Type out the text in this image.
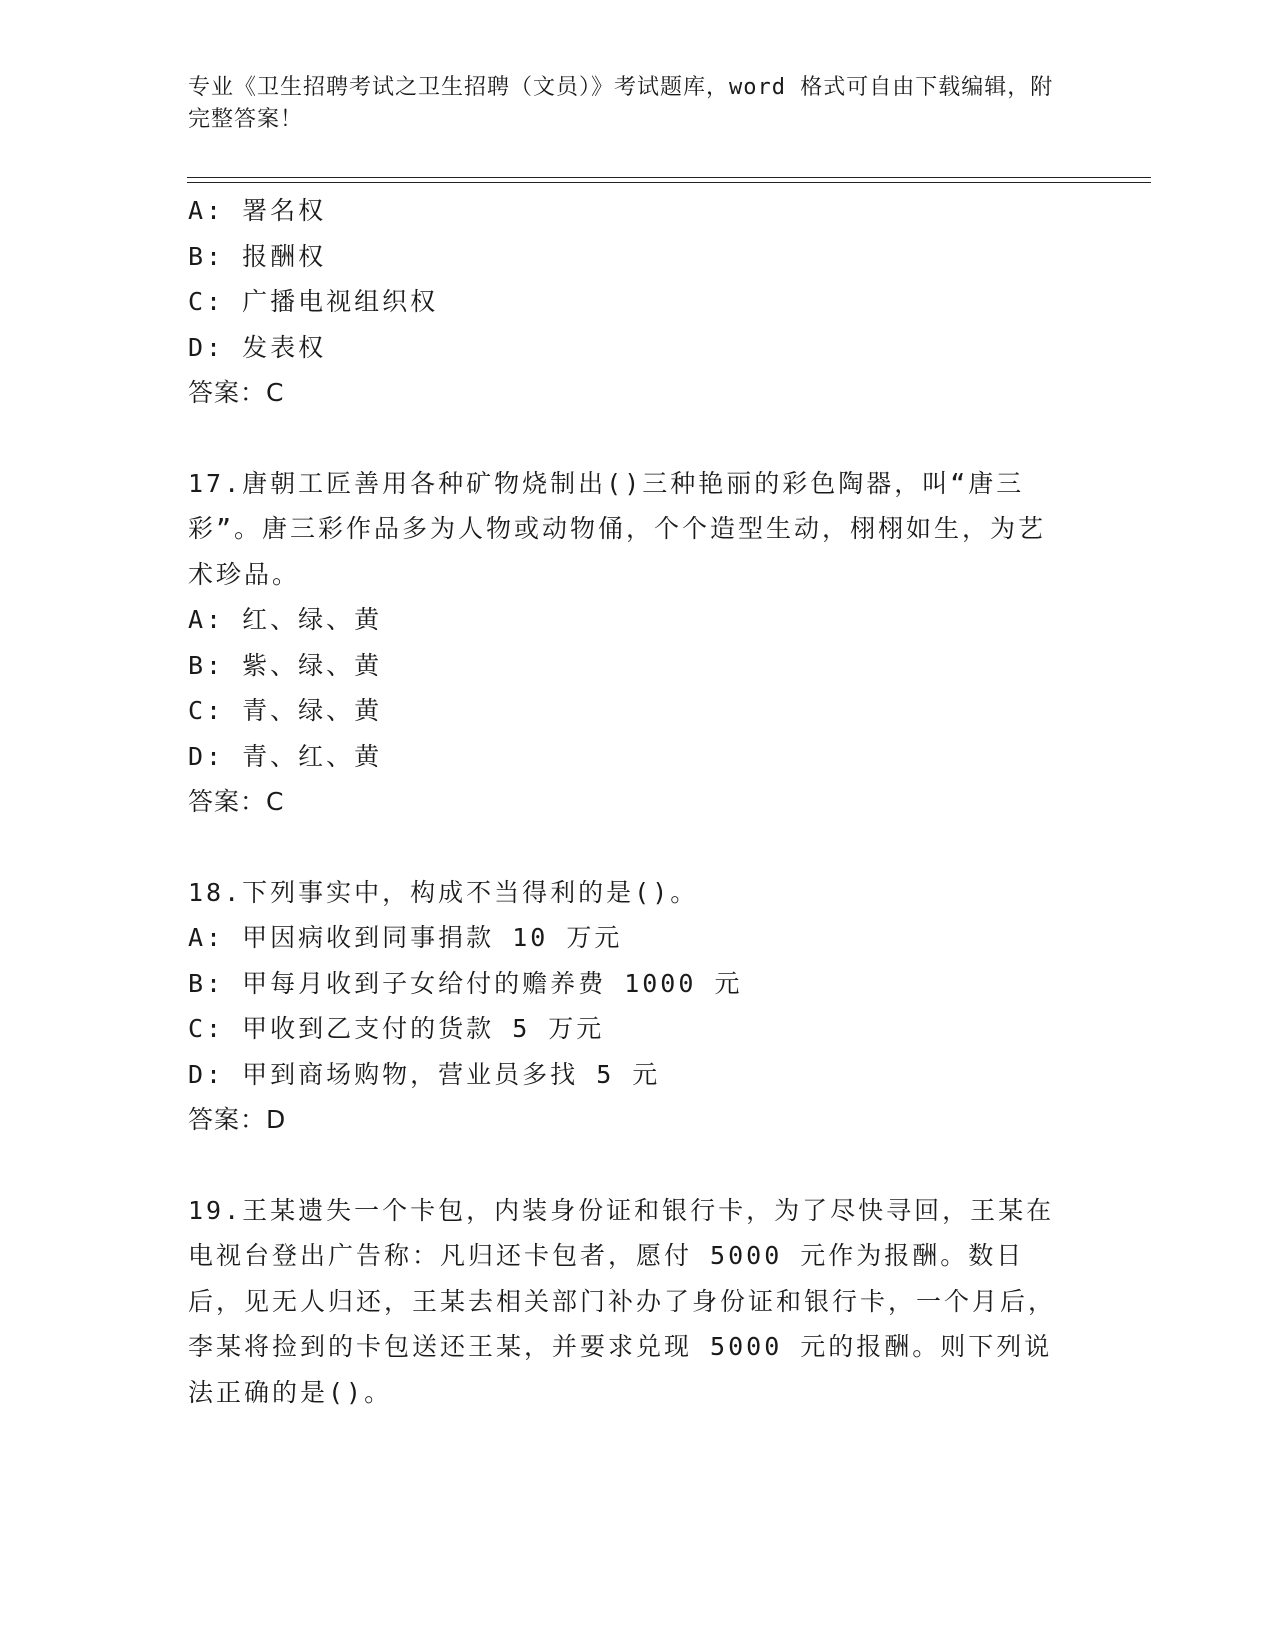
专业《卫生招聘考试之卫生招聘（文员）》考试题库，word 格式可自由下载编辑，附完整答案！
A: 署名权
B: 报酬权
C: 广播电视组织权
D: 发表权
答案：C
17.唐朝工匠善用各种矿物烧制出()三种艳丽的彩色陶器，叫“唐三彩”。唐三彩作品多为人物或动物俑，个个造型生动，栩栩如生，为艺术珍品。
A: 红、绿、黄
B: 紫、绿、黄
C: 青、绿、黄
D: 青、红、黄
答案：C
18.下列事实中，构成不当得利的是()。
A: 甲因病收到同事捐款 10 万元
B: 甲每月收到子女给付的赡养费 1000 元
C: 甲收到乙支付的货款 5 万元
D: 甲到商场购物，营业员多找 5 元
答案：D
19.王某遗失一个卡包，内装身份证和银行卡，为了尽快寻回，王某在电视台登出广告称：凡归还卡包者，愿付 5000 元作为报酬。数日后，见无人归还，王某去相关部门补办了身份证和银行卡，一个月后，李某将捡到的卡包送还王某，并要求兑现 5000 元的报酬。则下列说法正确的是()。
